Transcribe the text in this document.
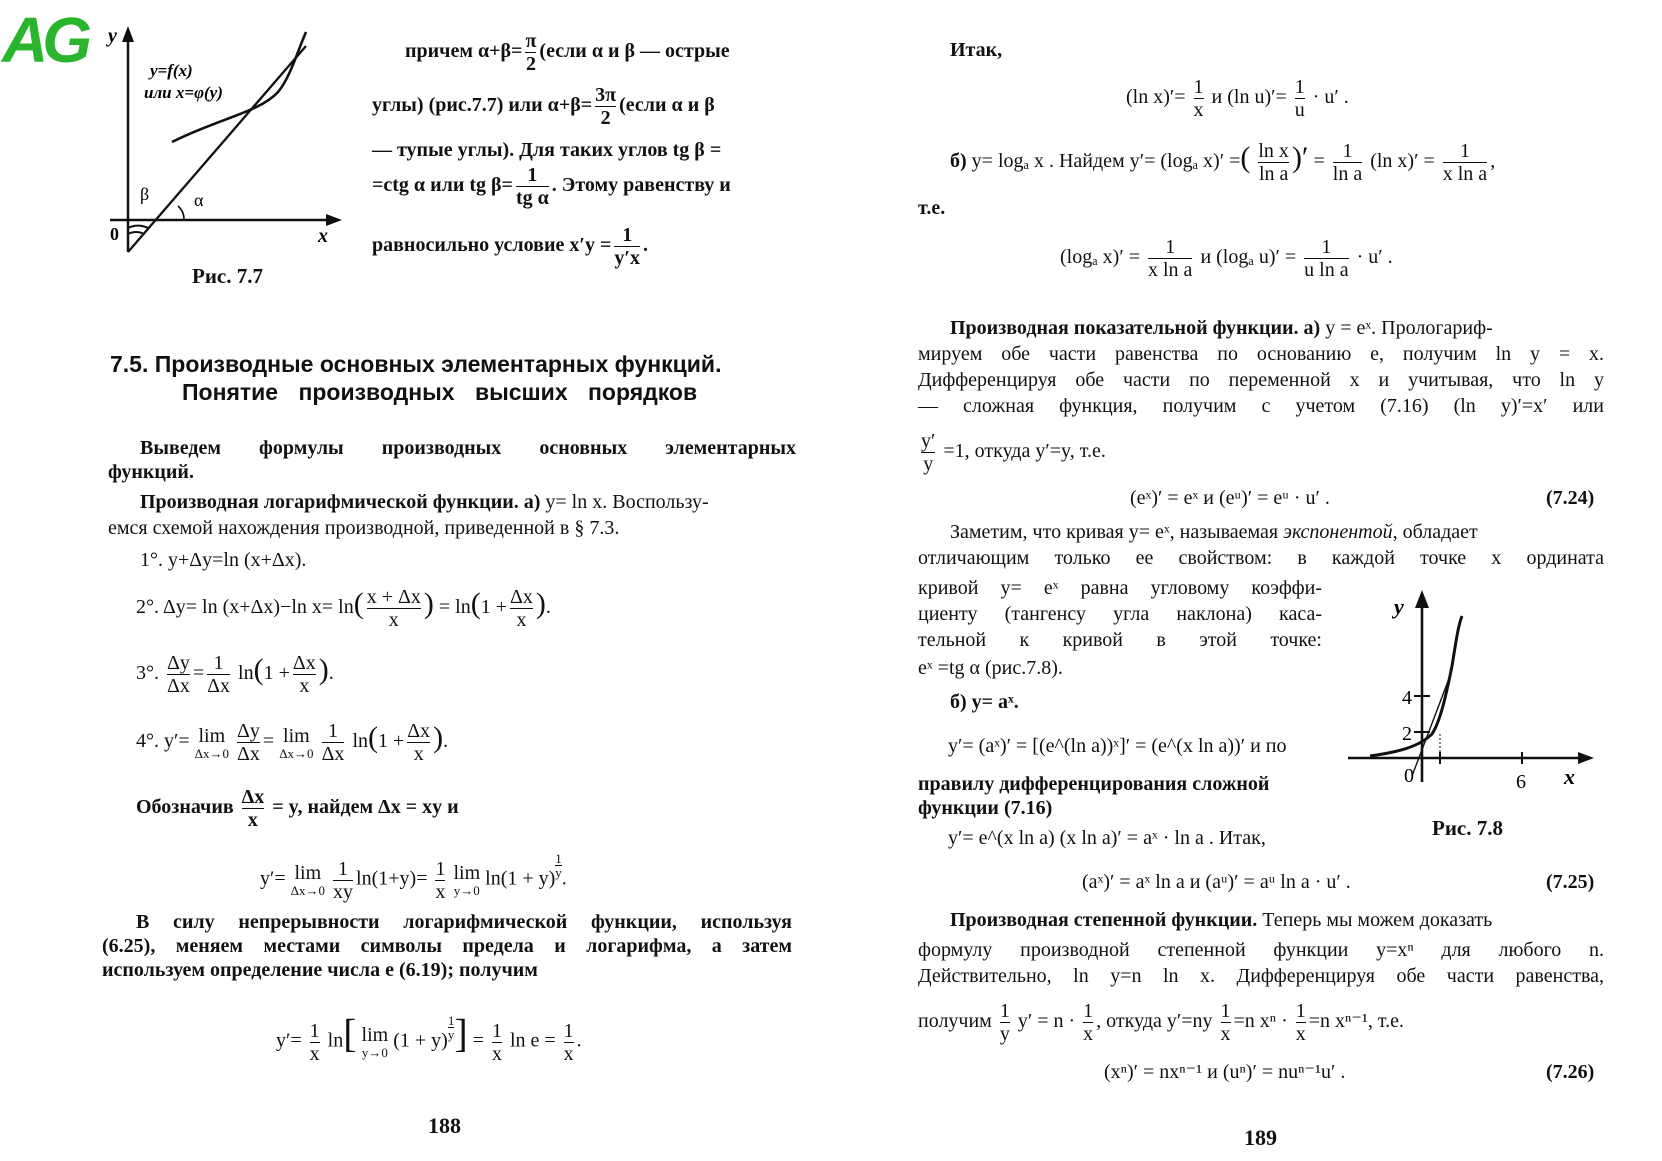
AG y
x
0
y=f(x)
или x=φ(y)
β α
Рис. 7.7
причем $\alpha+\beta= \frac{\pi}{2}$ (если α и β — острые
углы) (рис.7.7) или $\alpha+\beta= \frac{3\pi}{2}$ (если α и β
— тупые углы). Для таких углов tg β =
=ctg α или tg $\beta= \frac{1}{\text{tg α}}$ . Этому равенству и
равносильно условие $x'y = \frac{1}{y'x}$ .
7.5. Производные основных элементарных функций.
Понятие производных высших порядков
Выведем формулы производных основных элементарных
функций.
Производная логарифмической функции. а) y= ln x. Воспользу-
емся схемой нахождения производной, приведенной в § 7.3.
1°. y+Δy=ln (x+Δx).
2°. Δy= ln (x+Δx)−ln $x= \ln( \frac{x + \Delta x}{x}$ ) = $\ln(1 + \frac{\Delta x}{x}$ ).
3°. $\frac{\Delta y}{\Delta x} = \frac{1}{\Delta x} \ln(1 + \frac{\Delta x}{x}$ ).
4°. y′= lim
Δx→0
$\frac{\Delta y}{\Delta x} = \lim$
Δx→0
$\frac{1}{\Delta x} \ln(1 + \frac{\Delta x}{x}$ ).
Обозначив $\frac{\Delta x}{x} = y$, найдем Δx = xy и
y′= lim
Δx→0
$\frac{1}{xy} \ln(1+y)= \frac{1}{x}$
lim
y→0
$\ln(1 + y) \frac{1}{y}$ .
В силу непрерывности логарифмической функции, используя
(6.25), меняем местами символы предела и логарифма, а затем
используем определение числа e (6.19); получим
$y'= \frac{1}{x} \ln$[ lim
y→0
$(1 + y) \frac{1}{y}$ ] = $\frac{1}{x}$ $\ln e = \frac{1}{x}$ .
188
Итак,
(ln $x)'= \frac{1}{x}$ и (ln $u)'= \frac{1}{u} \cdot u'$ .
б) y= logₐ x . Найдем y′= (logₐ x)′ =( $\frac{\text{ln x}}{\text{ln a}}$ )′ = $\frac{1}{\text{ln a}} (\ln$ $x)' = \frac{1}{\text{x ln a}}$ ,
т.е.
(logₐ $x)' = \frac{1}{\text{x ln a}}$ и (logₐ $u)' = \frac{1}{\text{u ln a}} \cdot u'$ .
Производная показательной функции. а) y = eˣ. Прологариф-
мируем обе части равенства по основанию e, получим ln y = x.
Дифференцируя обе части по переменной x и учитывая, что ln y
— сложная функция, получим с учетом (7.16) (ln y)′=x′ или
$\frac{y'}{y} =1$, откуда y′=y, т.е.
(eˣ)′ = eˣ и (eᵘ)′ = eᵘ · u′ .	(7.24)
Заметим, что кривая y= eˣ, называемая экспонентой, обладает
отличающим только ее свойством: в каждой точке x ордината
кривой y= eˣ равна угловому коэффи-
циенту (тангенсу угла наклона) каса-
тельной к кривой в этой точке:
eˣ =tg α (рис.7.8).
б) y= aˣ.
y′= (aˣ)′ = [(e^(ln a))ˣ]′ = (e^(x ln a))′ и по
правилу дифференцирования сложной
функции (7.16)
y′= e^(x ln a) (x ln a)′ = aˣ · ln a . Итак,
y
x
0
4
2
6
Рис. 7.8
(aˣ)′ = aˣ ln a и (aᵘ)′ = aᵘ ln a · u′ .	(7.25)
Производная степенной функции. Теперь мы можем доказать
формулу производной степенной функции y=xⁿ для любого n.
Действительно, ln y=n ln x. Дифференцируя обе части равенства,
получим $\frac{1}{y} y' = n \cdot \frac{1}{x}$ , откуда $y'=ny \frac{1}{x} =n$ $x^n \cdot \frac{1}{x} =n$ xⁿ⁻¹, т.е.
(xⁿ)′ = nxⁿ⁻¹ и (uⁿ)′ = nuⁿ⁻¹u′ .	(7.26)
189
